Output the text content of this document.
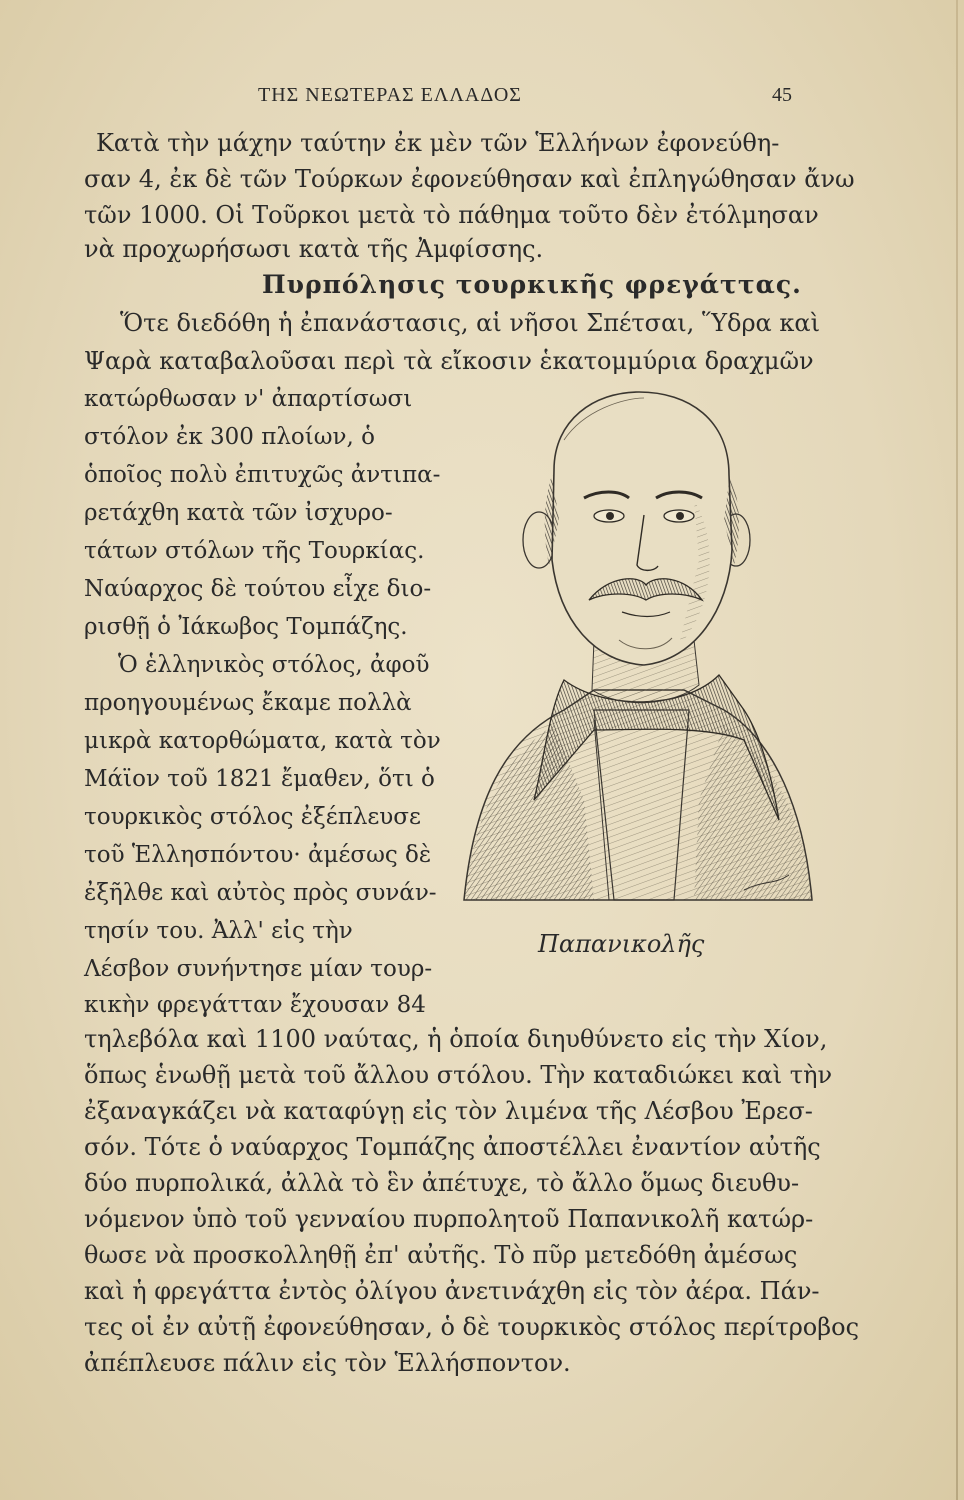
ΤΗΣ ΝΕΩΤΕΡΑΣ ΕΛΛΑΔΟΣ	45
Κατὰ τὴν μάχην ταύτην ἐκ μὲν τῶν Ἑλλήνων ἐφονεύθη-
σαν 4, ἐκ δὲ τῶν Τούρκων ἐφονεύθησαν καὶ ἐπληγώθησαν ἄνω
τῶν 1000. Οἱ Τοῦρκοι μετὰ τὸ πάθημα τοῦτο δὲν ἐτόλμησαν
νὰ προχωρήσωσι κατὰ τῆς Ἀμφίσσης.
Πυρπόλησις τουρκικῆς φρεγάττας.
Ὅτε διεδόθη ἡ ἐπανάστασις, αἱ νῆσοι Σπέτσαι, Ὕδρα καὶ
Ψαρὰ καταβαλοῦσαι περὶ τὰ εἴκοσιν ἑκατομμύρια δραχμῶν
κατώρθωσαν ν' ἀπαρτίσωσι
στόλον ἐκ 300 πλοίων, ὁ
ὁποῖος πολὺ ἐπιτυχῶς ἀντιπα-
ρετάχθη κατὰ τῶν ἰσχυρο-
τάτων στόλων τῆς Τουρκίας.
Ναύαρχος δὲ τούτου εἶχε διο-
ρισθῇ ὁ Ἰάκωβος Τομπάζης.
Ὁ ἑλληνικὸς στόλος, ἀφοῦ
προηγουμένως ἔκαμε πολλὰ
μικρὰ κατορθώματα, κατὰ τὸν
Μάϊον τοῦ 1821 ἔμαθεν, ὅτι ὁ
τουρκικὸς στόλος ἐξέπλευσε
τοῦ Ἑλλησπόντου· ἀμέσως δὲ
ἐξῆλθε καὶ αὐτὸς πρὸς συνάν-
τησίν του. Ἀλλ' εἰς τὴν
Λέσβον συνήντησε μίαν τουρ-
κικὴν φρεγάτταν ἔχουσαν 84
τηλεβόλα καὶ 1100 ναύτας, ἡ ὁποία διηυθύνετο εἰς τὴν Χίον,
ὅπως ἑνωθῇ μετὰ τοῦ ἄλλου στόλου. Τὴν καταδιώκει καὶ τὴν
ἐξαναγκάζει νὰ καταφύγῃ εἰς τὸν λιμένα τῆς Λέσβου Ἐρεσ-
σόν. Τότε ὁ ναύαρχος Τομπάζης ἀποστέλλει ἐναντίον αὐτῆς
δύο πυρπολικά, ἀλλὰ τὸ ἓν ἀπέτυχε, τὸ ἄλλο ὅμως διευθυ-
νόμενον ὑπὸ τοῦ γενναίου πυρπολητοῦ Παπανικολῆ κατώρ-
θωσε νὰ προσκολληθῇ ἐπ' αὐτῆς. Τὸ πῦρ μετεδόθη ἀμέσως
καὶ ἡ φρεγάττα ἐντὸς ὀλίγου ἀνετινάχθη εἰς τὸν ἀέρα. Πάν-
τες οἱ ἐν αὐτῇ ἐφονεύθησαν, ὁ δὲ τουρκικὸς στόλος περίτροβος
ἀπέπλευσε πάλιν εἰς τὸν Ἑλλήσποντον.
Παπανικολῆς
